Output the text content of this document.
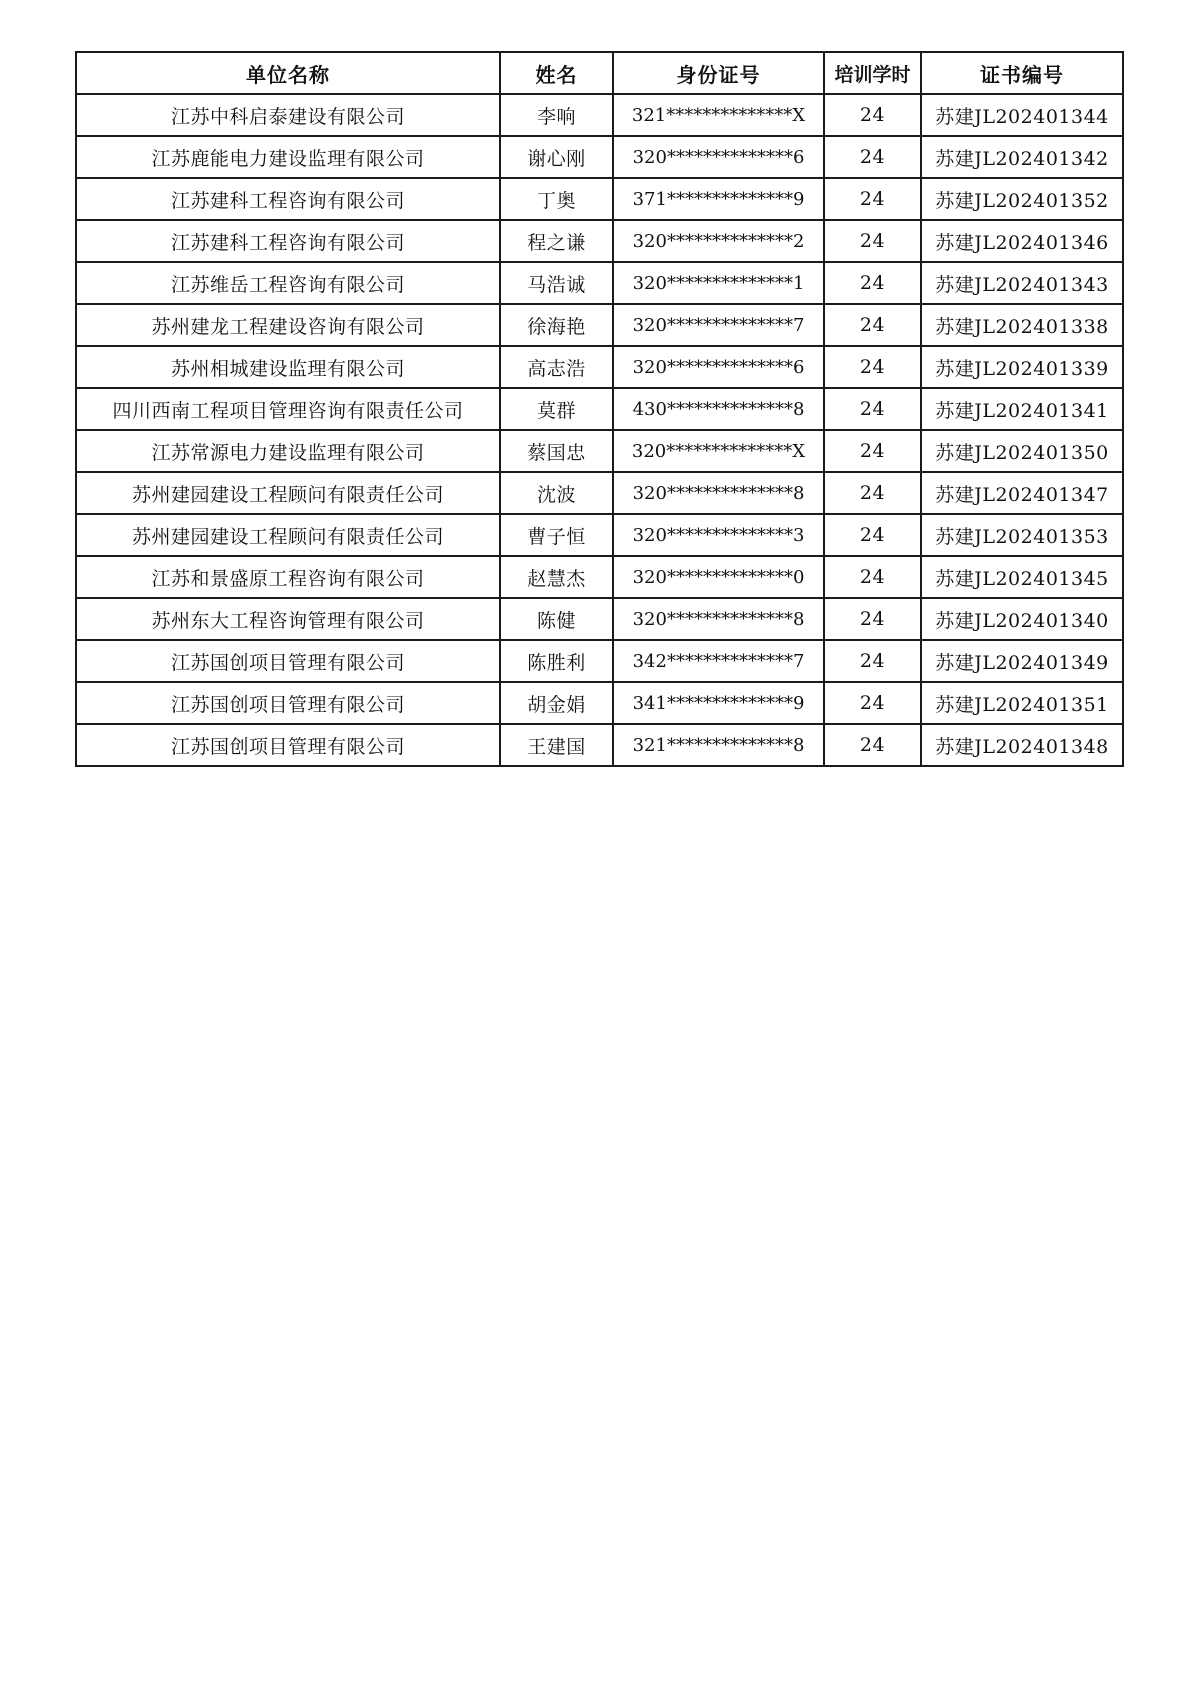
单位名称	姓名	身份证号	培训学时	证书编号
江苏中科启泰建设有限公司	李响	321**************X	24	苏建JL202401344
江苏鹿能电力建设监理有限公司	谢心刚	320**************6	24	苏建JL202401342
江苏建科工程咨询有限公司	丁奥	371**************9	24	苏建JL202401352
江苏建科工程咨询有限公司	程之谦	320**************2	24	苏建JL202401346
江苏维岳工程咨询有限公司	马浩诚	320**************1	24	苏建JL202401343
苏州建龙工程建设咨询有限公司	徐海艳	320**************7	24	苏建JL202401338
苏州相城建设监理有限公司	高志浩	320**************6	24	苏建JL202401339
四川西南工程项目管理咨询有限责任公司	莫群	430**************8	24	苏建JL202401341
江苏常源电力建设监理有限公司	蔡国忠	320**************X	24	苏建JL202401350
苏州建园建设工程顾问有限责任公司	沈波	320**************8	24	苏建JL202401347
苏州建园建设工程顾问有限责任公司	曹子恒	320**************3	24	苏建JL202401353
江苏和景盛原工程咨询有限公司	赵慧杰	320**************0	24	苏建JL202401345
苏州东大工程咨询管理有限公司	陈健	320**************8	24	苏建JL202401340
江苏国创项目管理有限公司	陈胜利	342**************7	24	苏建JL202401349
江苏国创项目管理有限公司	胡金娟	341**************9	24	苏建JL202401351
江苏国创项目管理有限公司	王建国	321**************8	24	苏建JL202401348
